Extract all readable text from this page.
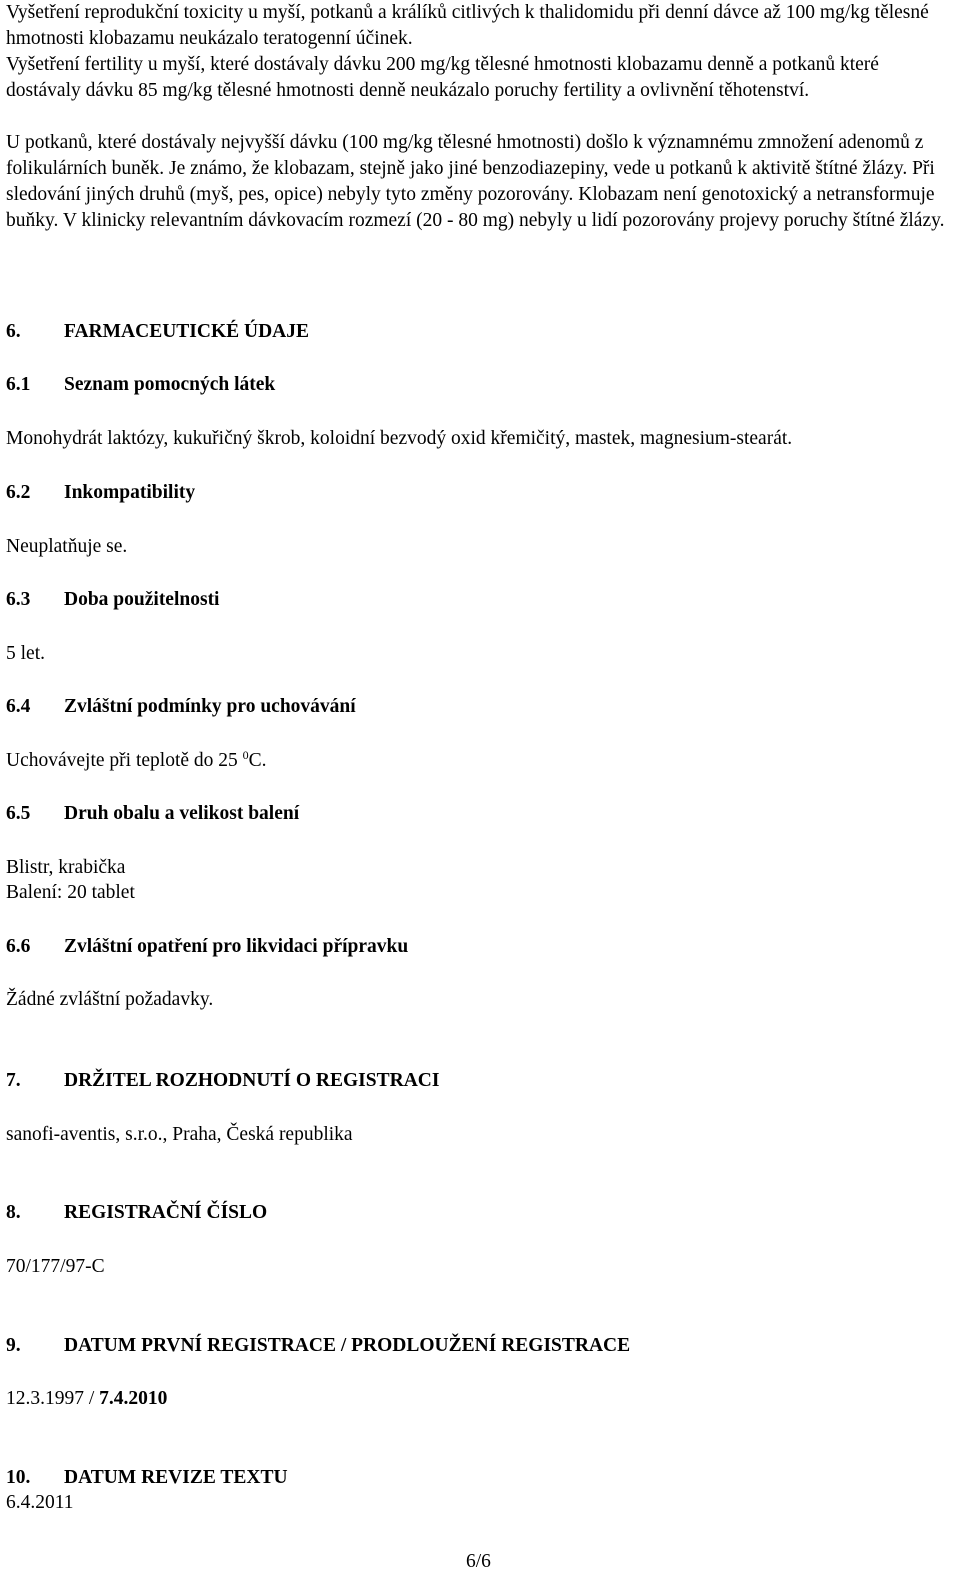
Vyšetření reprodukční toxicity u myší, potkanů a králíků citlivých k thalidomidu při denní dávce až 100 mg/kg tělesné hmotnosti klobazamu neukázalo teratogenní účinek.

Vyšetření fertility u myší, které dostávaly dávku 200 mg/kg tělesné hmotnosti klobazamu denně a potkanů které dostávaly dávku 85 mg/kg tělesné hmotnosti denně neukázalo poruchy fertility a ovlivnění těhotenství.

U potkanů, které dostávaly nejvyšší dávku (100 mg/kg tělesné hmotnosti) došlo k významnému zmnožení adenomů z folikulárních buněk. Je známo, že klobazam, stejně jako jiné benzodiazepiny, vede u potkanů k aktivitě štítné žlázy. Při sledování jiných druhů (myš, pes, opice) nebyly tyto změny pozorovány. Klobazam není genotoxický a netransformuje buňky. V klinicky relevantním dávkovacím rozmezí (20 - 80 mg) nebyly u lidí pozorovány projevy poruchy štítné žlázy.

6. FARMACEUTICKÉ ÚDAJE
6.1 Seznam pomocných látek
Monohydrát laktózy, kukuřičný škrob, koloidní bezvodý oxid křemičitý, mastek, magnesium-stearát.
6.2 Inkompatibility
Neuplatňuje se.
6.3 Doba použitelnosti
5 let.
6.4 Zvláštní podmínky pro uchovávání
Uchovávejte při teplotě do 25 $^0$C.
6.5 Druh obalu a velikost balení
Blistr, krabička
Balení: 20 tablet
6.6 Zvláštní opatření pro likvidaci přípravku
Žádné zvláštní požadavky.
7. DRŽITEL ROZHODNUTÍ O REGISTRACI
sanofi-aventis, s.r.o., Praha, Česká republika
8. REGISTRAČNÍ ČÍSLO
70/177/97-C
9. DATUM PRVNÍ REGISTRACE / PRODLOUŽENÍ REGISTRACE
12.3.1997 / 7.4.2010
10. DATUM REVIZE TEXTU
6.4.2011
6/6
